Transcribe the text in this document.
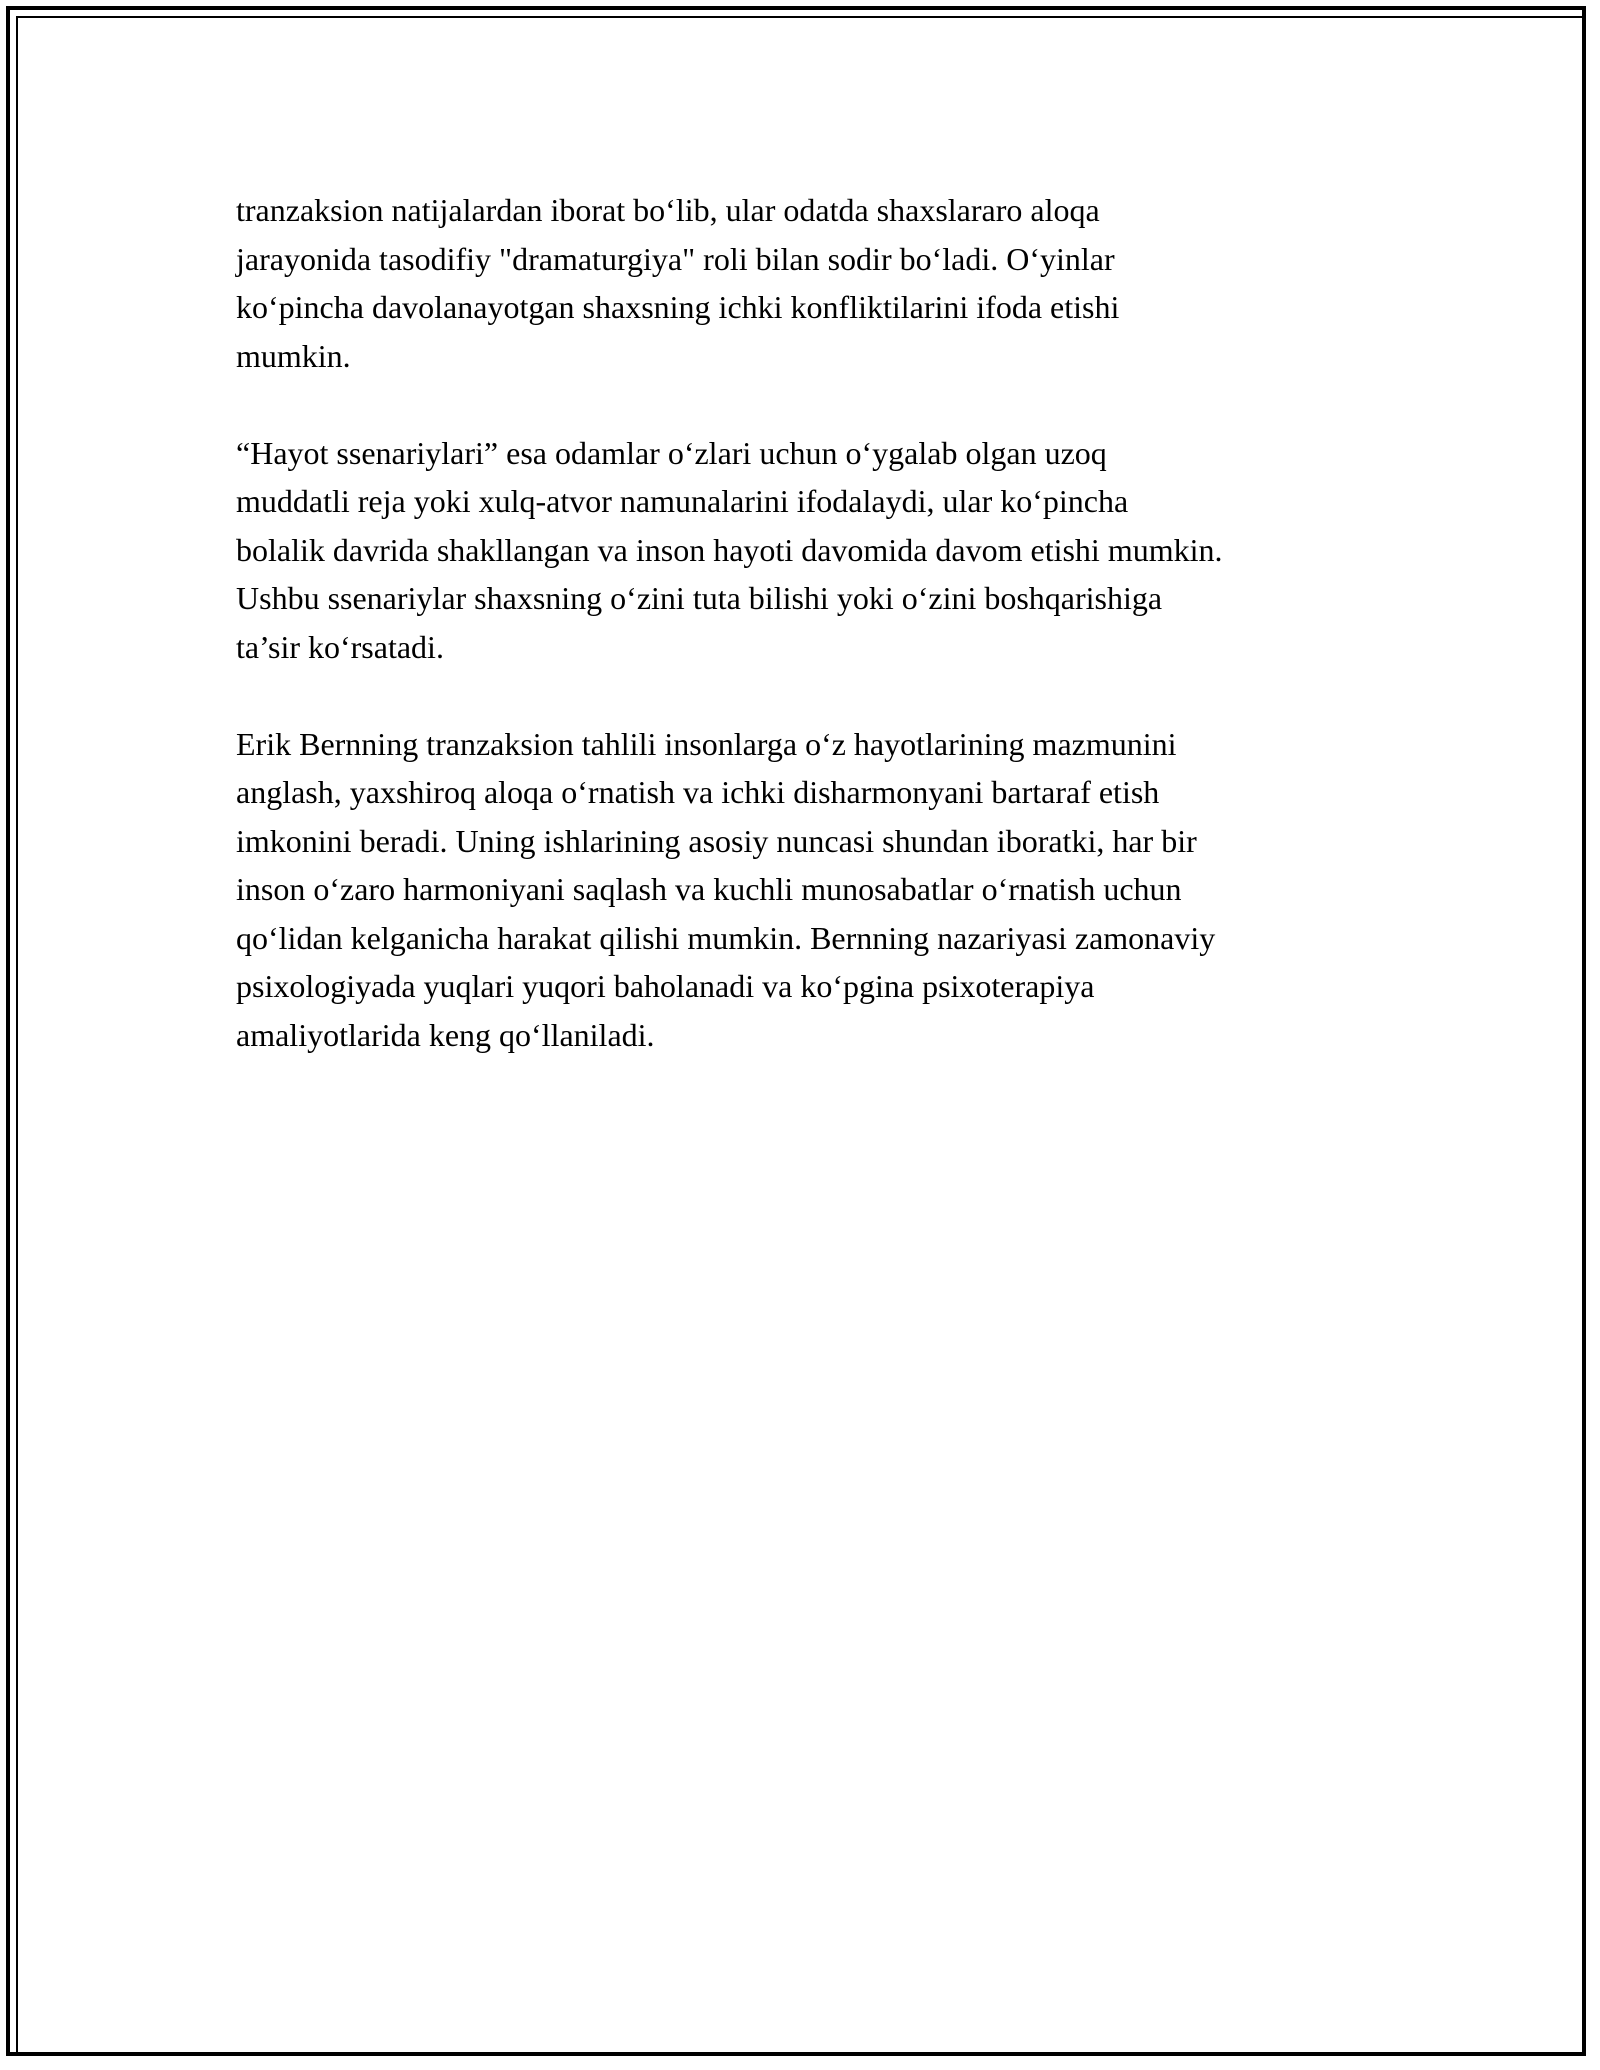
tranzaksion natijalardan iborat bo‘lib, ular odatda shaxslararo aloqa
jarayonida tasodifiy "dramaturgiya" roli bilan sodir bo‘ladi. O‘yinlar
ko‘pincha davolanayotgan shaxsning ichki konfliktilarini ifoda etishi
mumkin.
“Hayot ssenariylari” esa odamlar o‘zlari uchun o‘ygalab olgan uzoq
muddatli reja yoki xulq-atvor namunalarini ifodalaydi, ular ko‘pincha
bolalik davrida shakllangan va inson hayoti davomida davom etishi mumkin.
Ushbu ssenariylar shaxsning o‘zini tuta bilishi yoki o‘zini boshqarishiga
ta’sir ko‘rsatadi.
Erik Bernning tranzaksion tahlili insonlarga o‘z hayotlarining mazmunini
anglash, yaxshiroq aloqa o‘rnatish va ichki disharmonyani bartaraf etish
imkonini beradi. Uning ishlarining asosiy nuncasi shundan iboratki, har bir
inson o‘zaro harmoniyani saqlash va kuchli munosabatlar o‘rnatish uchun
qo‘lidan kelganicha harakat qilishi mumkin. Bernning nazariyasi zamonaviy
psixologiyada yuqlari yuqori baholanadi va ko‘pgina psixoterapiya
amaliyotlarida keng qo‘llaniladi.
